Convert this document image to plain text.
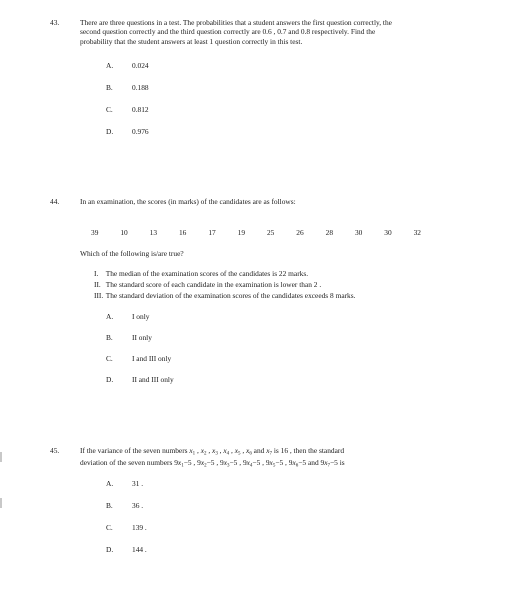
43.	There are three questions in a test. The probabilities that a student answers the first question correctly, the
second question correctly and the third question correctly are 0.6 , 0.7 and 0.8 respectively. Find the
probability that the student answers at least 1 question correctly in this test.
A.	0.024
B.	0.188
C.	0.812
D.	0.976
44.	In an examination, the scores (in marks) of the candidates are as follows:
39	10	13	16	17	19	25	26	28	30	30	32
Which of the following is/are true?
I. The median of the examination scores of the candidates is 22 marks.
II. The standard score of each candidate in the examination is lower than 2 .
III. The standard deviation of the examination scores of the candidates exceeds 8 marks.
A.	I only
B.	II only
C.	I and III only
D.	II and III only
45.	If the variance of the seven numbers $x_1$ , $x_2$ , $x_3$ , $x_4$ , $x_5$ , $x_6$ and $x_7$ is 16 , then the standard
deviation of the seven numbers $9x_1-5$ , $9x_2-5$ , $9x_3-5$ , $9x_4-5$ , $9x_5-5$ , $9x_6-5$ and $9x_7-5$ is
A.	31 .
B.	36 .
C.	139 .
D.	144 .
